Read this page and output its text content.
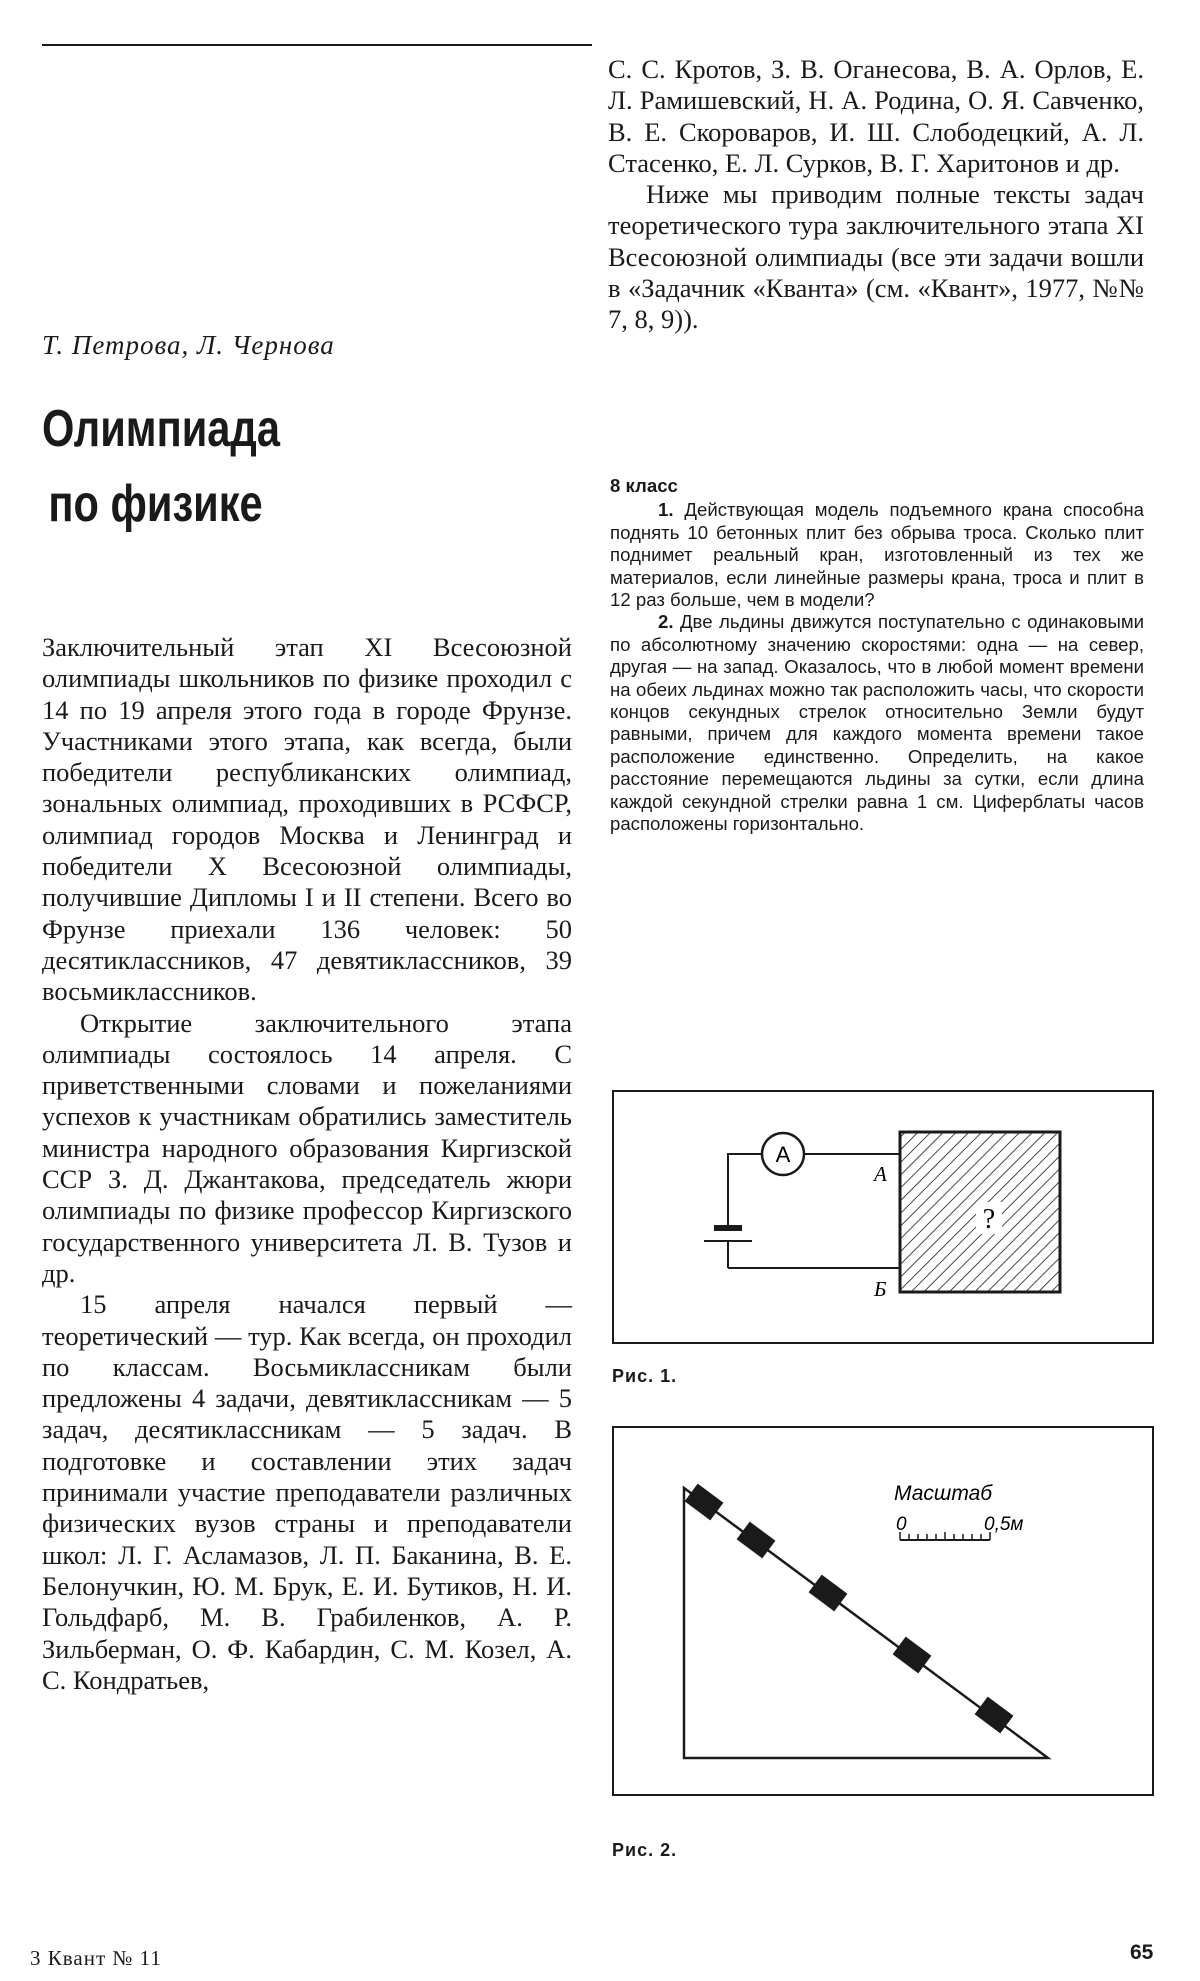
Т. Петрова, Л. Чернова
Олимпиада
по физике

Заключительный этап XI Всесоюзной олимпиады школьников по физике проходил с 14 по 19 апреля этого года в городе Фрунзе. Участниками этого этапа, как всегда, были победители республиканских олимпиад, зональных олимпиад, проходивших в РСФСР, олимпиад городов Москва и Ленинград и победители X Всесоюзной олимпиады, получившие Дипломы I и II степени. Всего во Фрунзе приехали 136 человек: 50 десятиклассников, 47 девятиклассников, 39 восьмиклассников.

Открытие заключительного этапа олимпиады состоялось 14 апреля. С приветственными словами и пожеланиями успехов к участникам обратились заместитель министра народного образования Киргизской ССР З. Д. Джантакова, председатель жюри олимпиады по физике профессор Киргизского государственного университета Л. В. Тузов и др.

15 апреля начался первый — теоретический — тур. Как всегда, он проходил по классам. Восьмиклассникам были предложены 4 задачи, девятиклассникам — 5 задач, десятиклассникам — 5 задач. В подготовке и составлении этих задач принимали участие преподаватели различных физических вузов страны и преподаватели школ: Л. Г. Асламазов, Л. П. Баканина, В. Е. Белонучкин, Ю. М. Брук, Е. И. Бутиков, Н. И. Гольдфарб, М. В. Грабиленков, А. Р. Зильберман, О. Ф. Кабардин, С. М. Козел, А. С. Кондратьев,

С. С. Кротов, З. В. Оганесова, В. А. Орлов, Е. Л. Рамишевский, Н. А. Родина, О. Я. Савченко, В. Е. Скороваров, И. Ш. Слободецкий, А. Л. Стасенко, Е. Л. Сурков, В. Г. Харитонов и др.

Ниже мы приводим полные тексты задач теоретического тура заключительного этапа XI Всесоюзной олимпиады (все эти задачи вошли в «Задачник «Кванта» (см. «Квант», 1977, №№ 7, 8, 9)).

8 класс

1. Действующая модель подъемного крана способна поднять 10 бетонных плит без обрыва троса. Сколько плит поднимет реальный кран, изготовленный из тех же материалов, если линейные размеры крана, троса и плит в 12 раз больше, чем в модели?

2. Две льдины движутся поступательно с одинаковыми по абсолютному значению скоростями: одна — на север, другая — на запад. Оказалось, что в любой момент времени на обеих льдинах можно так расположить часы, что скорости концов секундных стрелок относительно Земли будут равными, причем для каждого момента времени такое расположение единственно. Определить, на какое расстояние перемещаются льдины за сутки, если длина каждой секундной стрелки равна 1 см. Циферблаты часов расположены горизонтально.

A
?
А
Б
Рис. 1.
Масштаб
0	0,5м
Рис. 2.
3 Квант № 11	65
